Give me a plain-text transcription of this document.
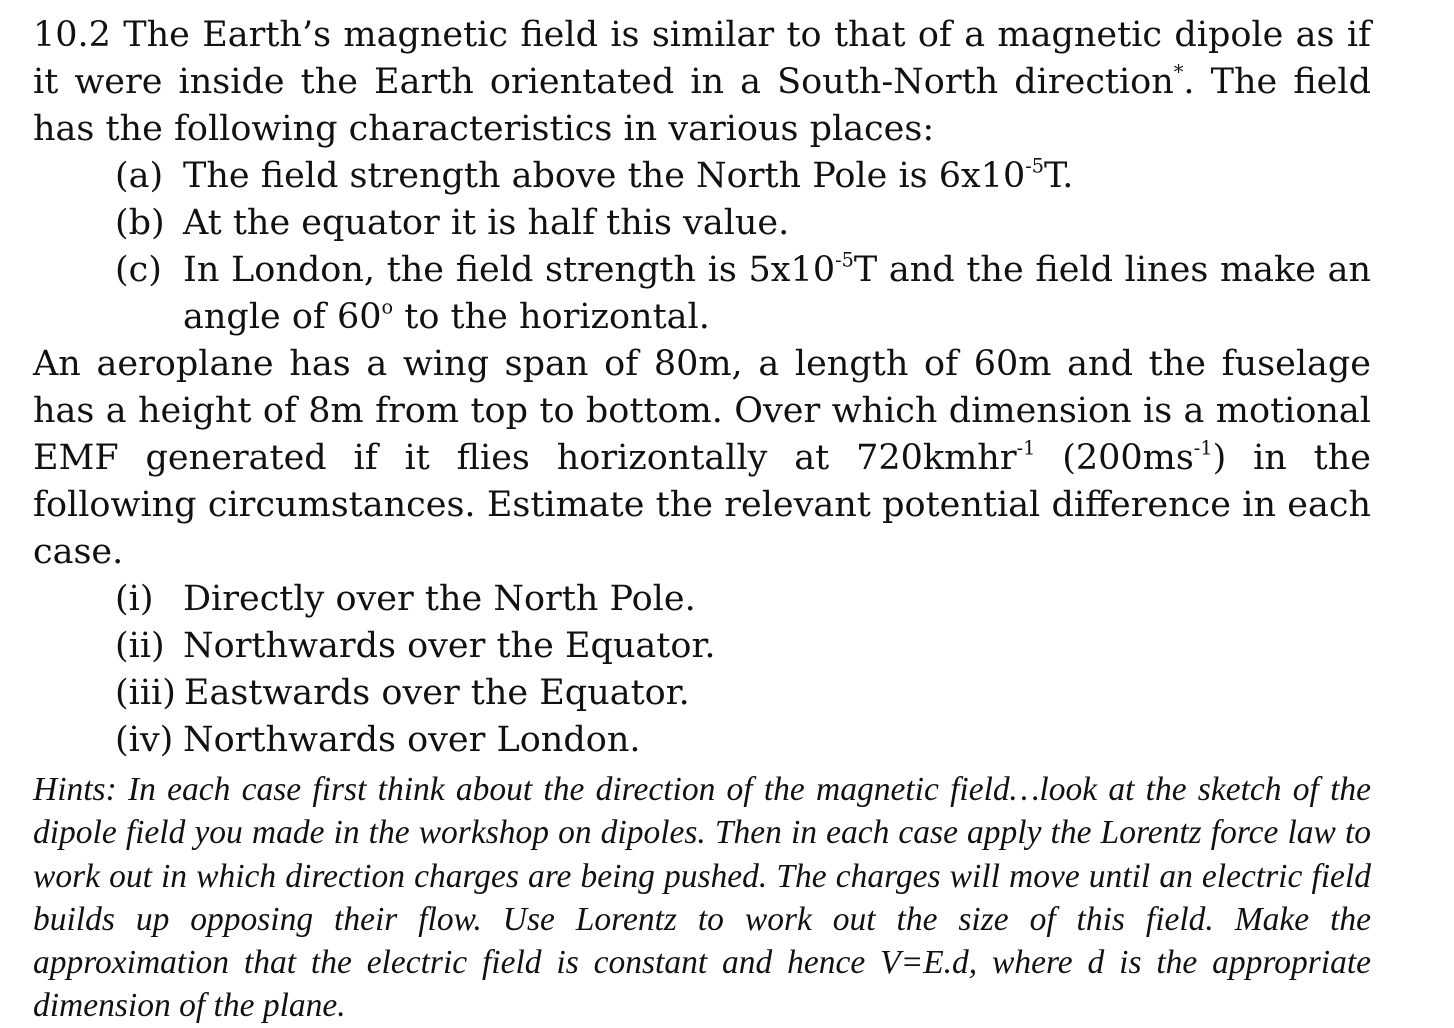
10.2 The Earth’s magnetic field is similar to that of a magnetic dipole as if it were inside the Earth orientated in a South-North direction*. The field has the following characteristics in various places:

(a) The field strength above the North Pole is $6x10^{-5}T$.
(b) At the equator it is half this value.
(c) In London, the field strength is $5x10^{-5}T$ and the field lines make an angle of 60$^o$ to the horizontal.

An aeroplane has a wing span of 80m, a length of 60m and the fuselage has a height of 8m from top to bottom. Over which dimension is a motional EMF generated if it flies horizontally at 720kmhr$^{-1}$ $(200ms^{-1})$ in the following circumstances. Estimate the relevant potential difference in each case.

(i) Directly over the North Pole.
(ii) Northwards over the Equator.
(iii) Eastwards over the Equator.
(iv) Northwards over London.

Hints: In each case first think about the direction of the magnetic field…look at the sketch of the dipole field you made in the workshop on dipoles. Then in each case apply the Lorentz force law to work out in which direction charges are being pushed. The charges will move until an electric field builds up opposing their flow. Use Lorentz to work out the size of this field. Make the approximation that the electric field is constant and hence V=E.d, where d is the appropriate dimension of the plane.
